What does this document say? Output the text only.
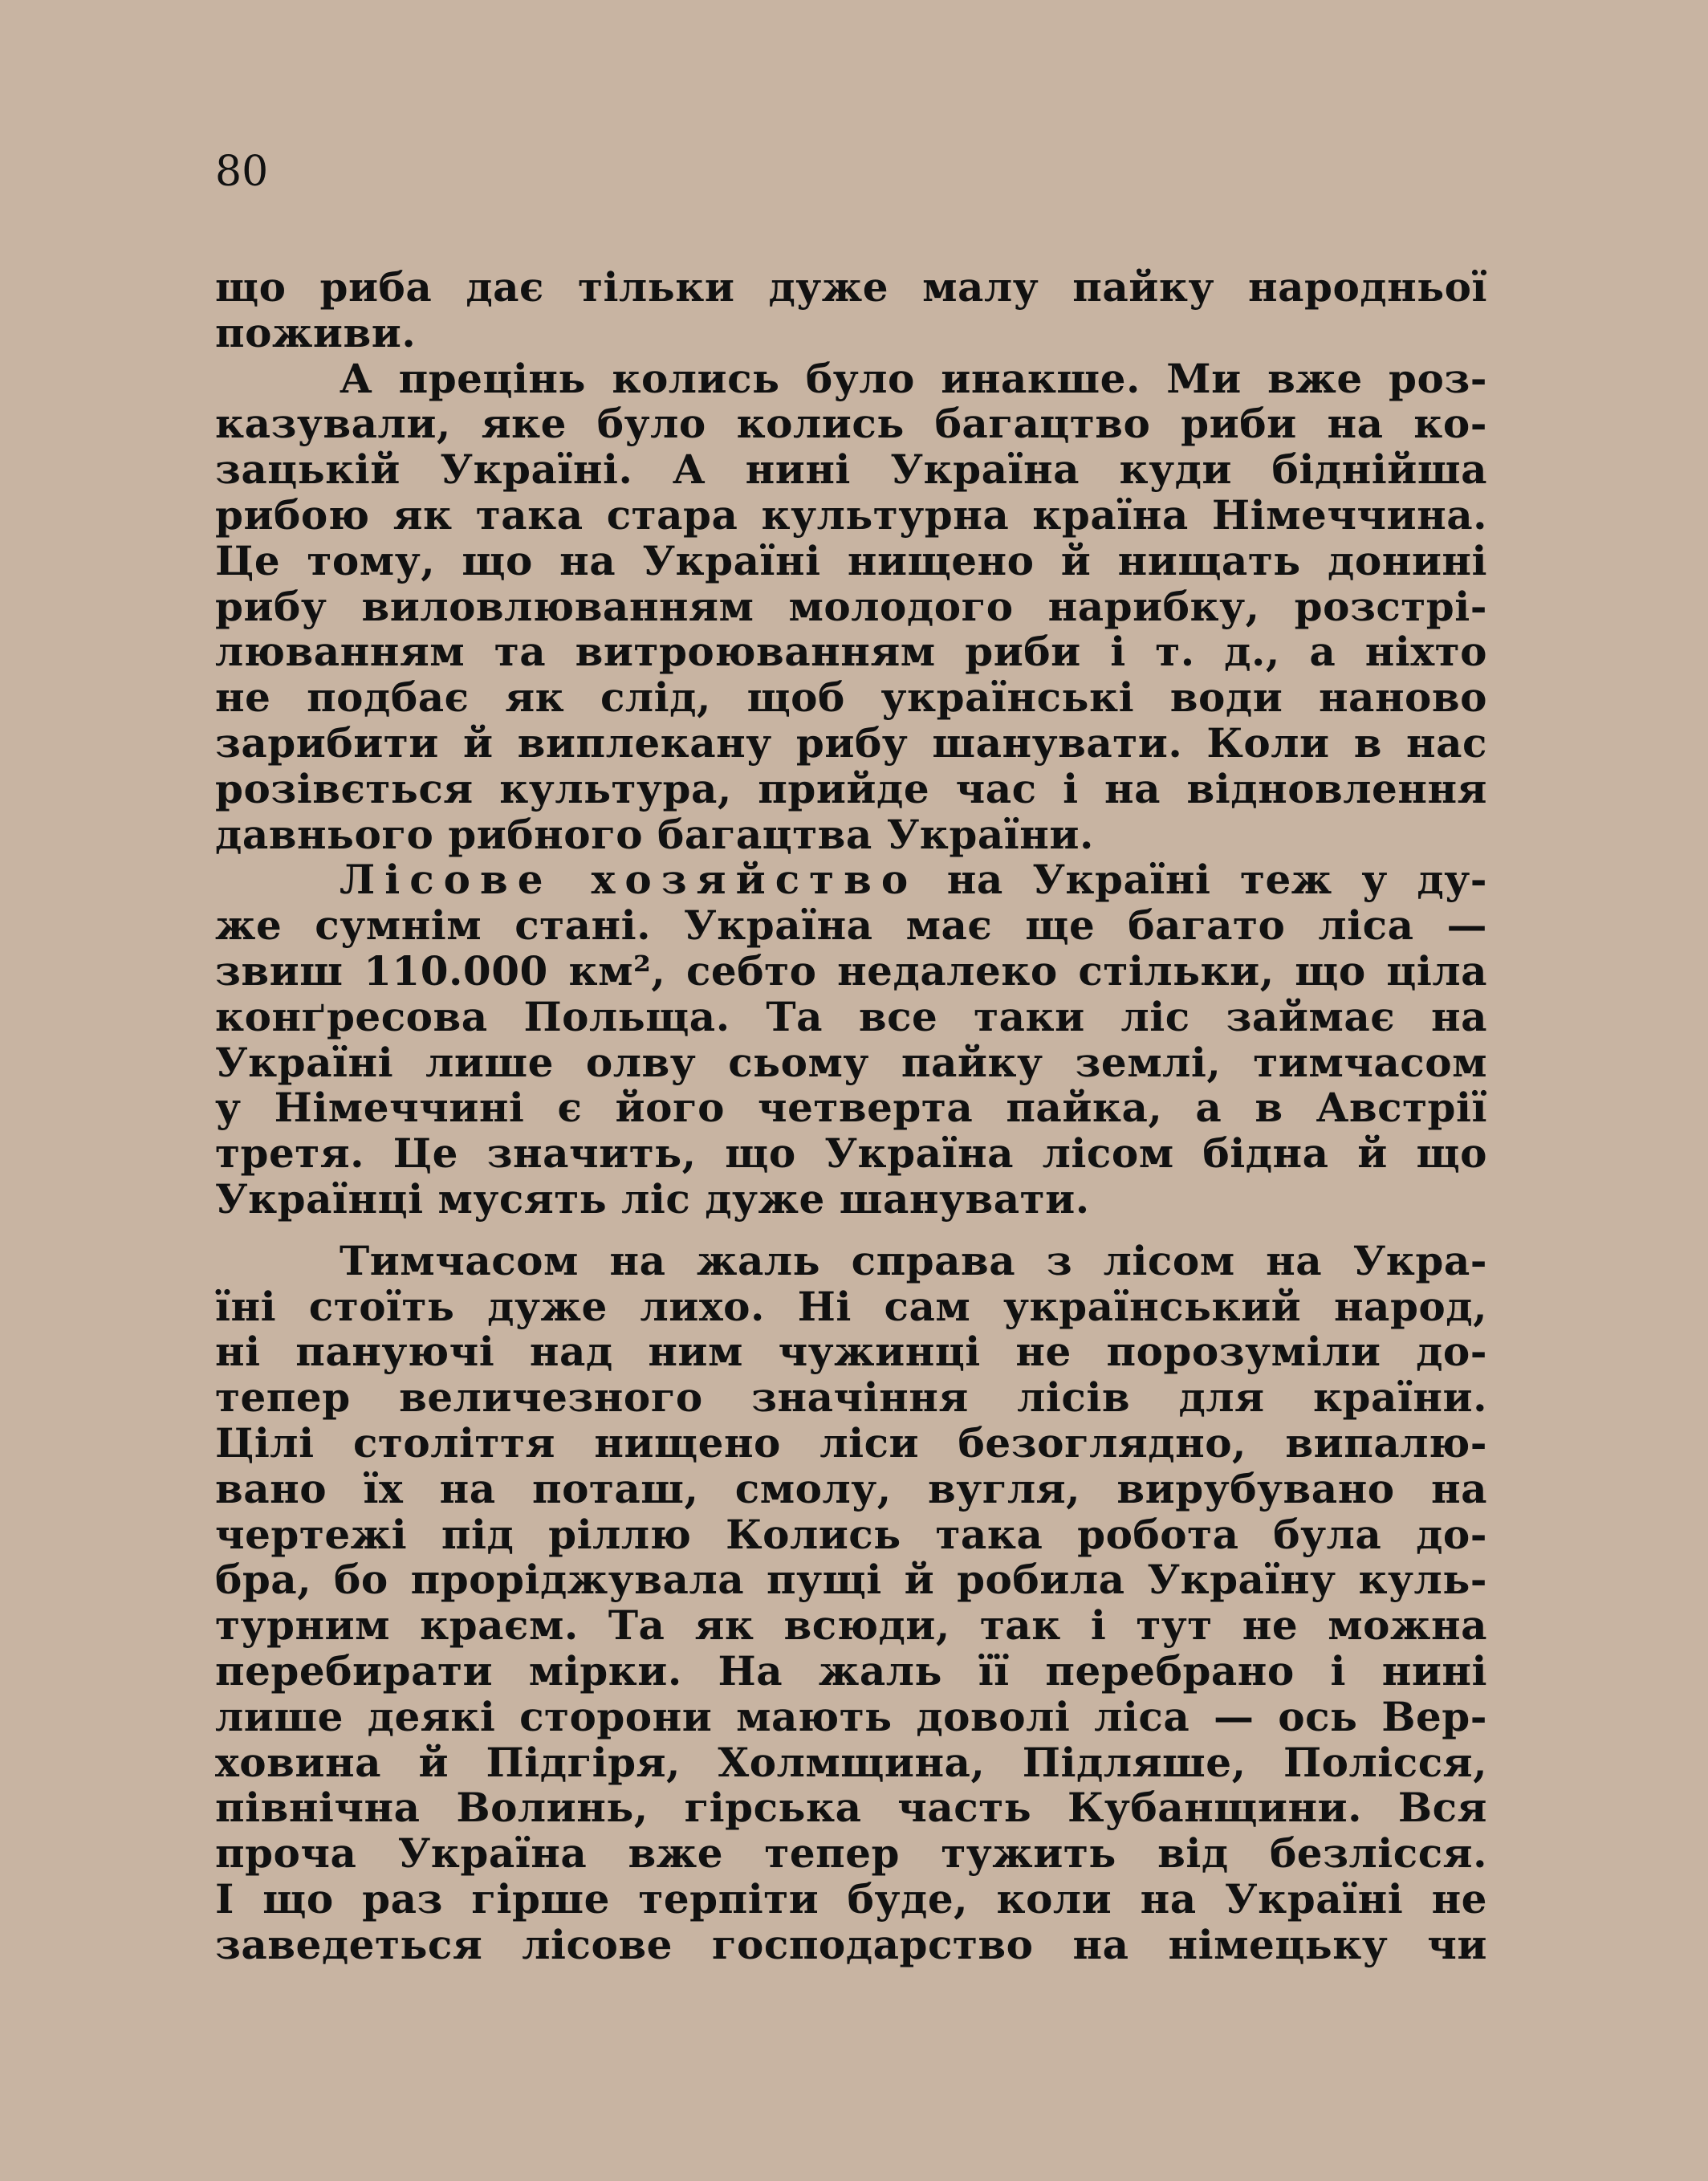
80
що риба дає тільки дуже малу пайку народньої
поживи.
А прецінь колись було инакше. Ми вже роз-
казували, яке було колись багацтво риби на ко-
зацькій Україні. А нині Україна куди біднійша
рибою як така стара культурна країна Німеччина.
Це тому, що на Україні нищено й нищать донині
рибу виловлюванням молодого нарибку, розстрі-
люванням та витроюванням риби і т. д., а ніхто
не подбає як слід, щоб українські води наново
зарибити й виплекану рибу шанувати. Коли в нас
розівється культура, прийде час і на відновлення
давнього рибного багацтва України.
Лісове хозяйство на Україні теж у ду-
же сумнім стані. Україна має ще багато ліса —
звиш 110.000 км², себто недалеко стільки, що ціла
конґресова Польща. Та все таки ліс займає на
Україні лише олву сьому пайку землі, тимчасом
у Німеччині є його четверта пайка, а в Австрії
третя. Це значить, що Україна лісом бідна й що
Українці мусять ліс дуже шанувати.
Тимчасом на жаль справа з лісом на Укра-
їні стоїть дуже лихо. Ні сам український народ,
ні пануючі над ним чужинці не порозуміли до-
тепер величезного значіння лісів для країни.
Цілі століття нищено ліси безоглядно, випалю-
вано їх на поташ, смолу, вугля, вирубувано на
чертежі під ріллю Колись така робота була до-
бра, бо проріджувала пущі й робила Україну куль-
турним краєм. Та як всюди, так і тут не можна
перебирати мірки. На жаль її перебрано і нині
лише деякі сторони мають доволі ліса — ось Вер-
ховина й Підгіря, Холмщина, Підляше, Полісся,
північна Волинь, гірська часть Кубанщини. Вся
проча Україна вже тепер тужить від безлісся.
І що раз гірше терпіти буде, коли на Україні не
заведеться лісове господарство на німецьку чи
